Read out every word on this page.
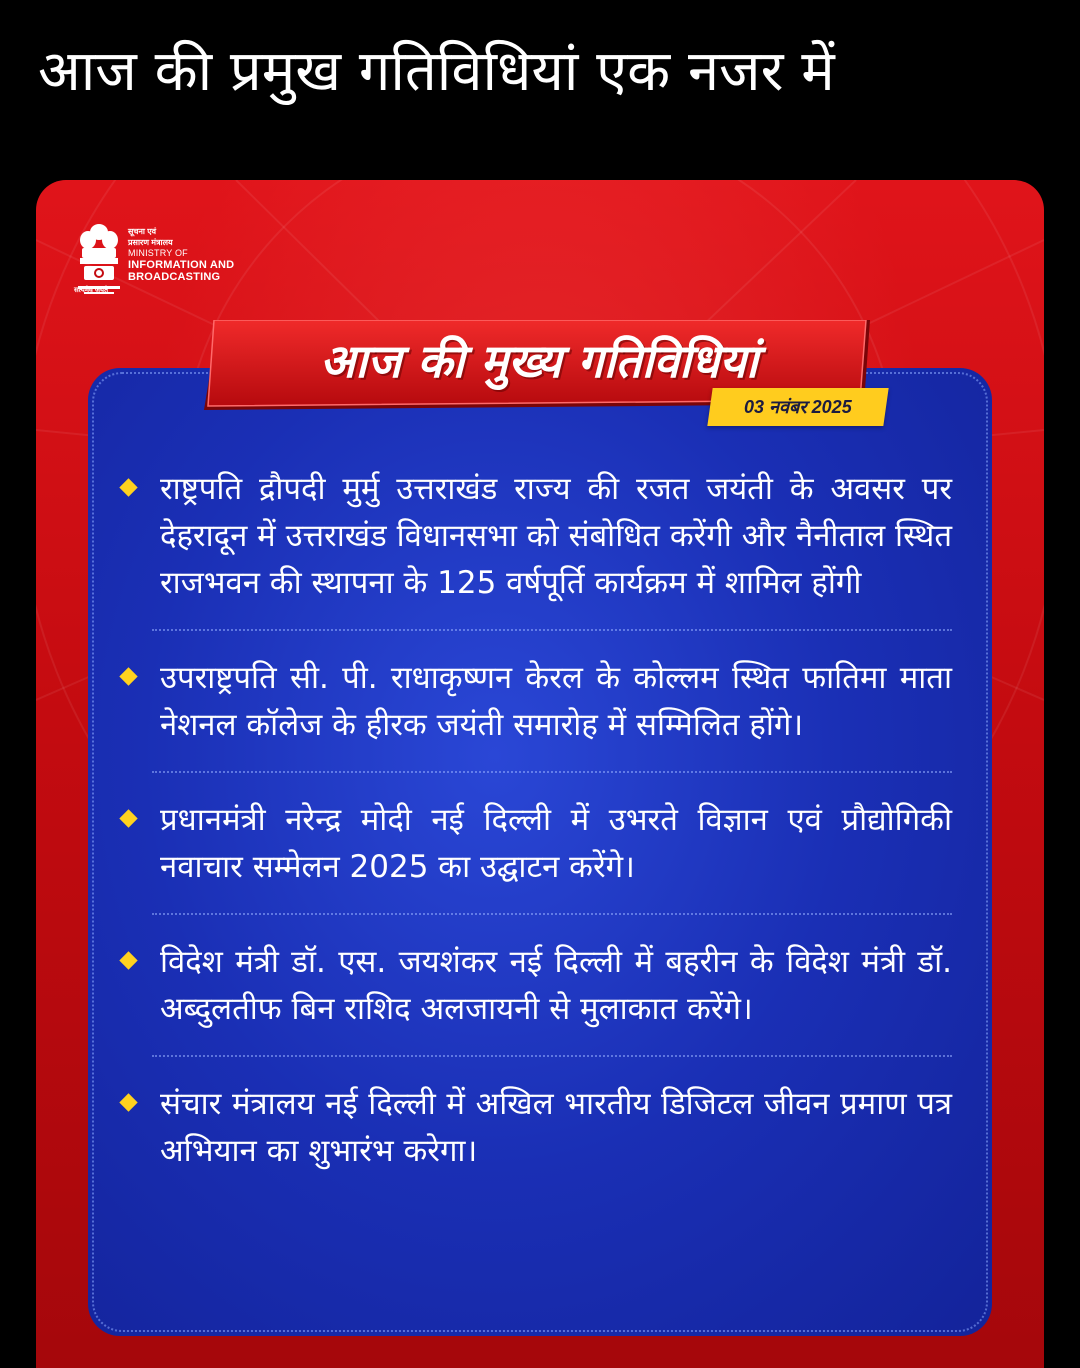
आज की प्रमुख गतिविधियां एक नजर में
सूचना एवं
प्रसारण मंत्रालय
MINISTRY OF
INFORMATION AND
BROADCASTING
सत्यमेव जयते
आज की मुख्य गतिविधियां
03 नवंबर 2025
राष्ट्रपति द्रौपदी मुर्मु उत्तराखंड राज्य की रजत जयंती के अवसर पर देहरादून में उत्तराखंड विधानसभा को संबोधित करेंगी और नैनीताल स्थित राजभवन की स्थापना के 125 वर्षपूर्ति कार्यक्रम में शामिल होंगी
उपराष्ट्रपति सी. पी. राधाकृष्णन केरल के कोल्लम स्थित फातिमा माता नेशनल कॉलेज के हीरक जयंती समारोह में सम्मिलित होंगे।
प्रधानमंत्री नरेन्द्र मोदी नई दिल्ली में उभरते विज्ञान एवं प्रौद्योगिकी नवाचार सम्मेलन 2025 का उद्घाटन करेंगे।
विदेश मंत्री डॉ. एस. जयशंकर नई दिल्ली में बहरीन के विदेश मंत्री डॉ. अब्दुलतीफ बिन राशिद अलजायनी से मुलाकात करेंगे।
संचार मंत्रालय नई दिल्ली में अखिल भारतीय डिजिटल जीवन प्रमाण पत्र अभियान का शुभारंभ करेगा।
